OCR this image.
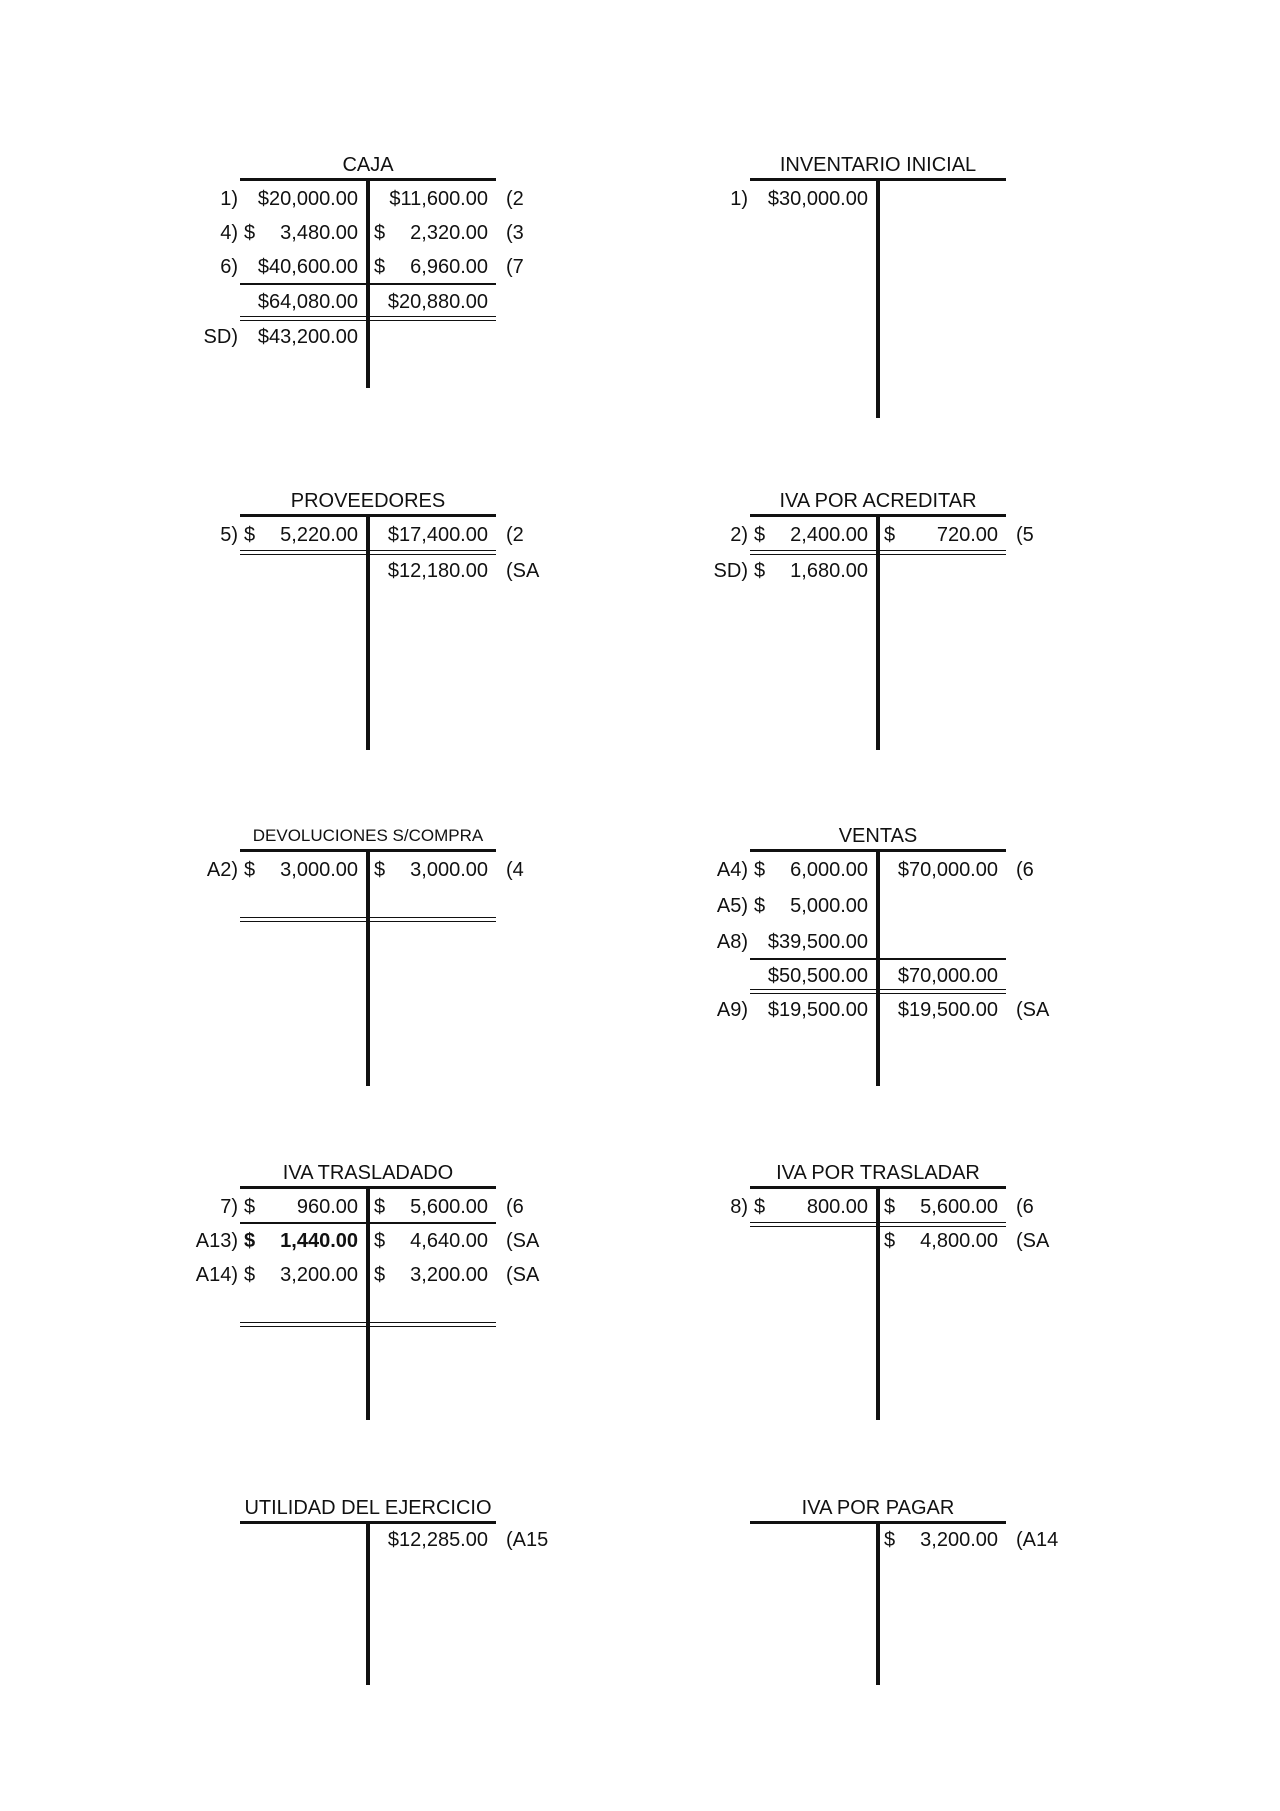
CAJA
1) $20,000.00 $11,600.00 (2
4) $ 3,480.00 $ 2,320.00 (3
6) $40,600.00 $ 6,960.00 (7
$64,080.00 $20,880.00
SD) $43,200.00
INVENTARIO INICIAL
1) $30,000.00
PROVEEDORES
5) $ 5,220.00 $17,400.00 (2
$12,180.00 (SA
IVA POR ACREDITAR
2) $ 2,400.00 $ 720.00 (5
SD) $ 1,680.00
DEVOLUCIONES S/COMPRA
A2) $ 3,000.00 $ 3,000.00 (4
VENTAS
A4) $ 6,000.00 $70,000.00 (6
A5) $ 5,000.00
A8) $39,500.00
$50,500.00 $70,000.00
A9) $19,500.00 $19,500.00 (SA
IVA TRASLADADO
7) $ 960.00 $ 5,600.00 (6
A13) $ 1,440.00 $ 4,640.00 (SA
A14) $ 3,200.00 $ 3,200.00 (SA
IVA POR TRASLADAR
8) $ 800.00 $ 5,600.00 (6
$ 4,800.00 (SA
UTILIDAD DEL EJERCICIO
$12,285.00 (A15
IVA POR PAGAR
$ 3,200.00 (A14
